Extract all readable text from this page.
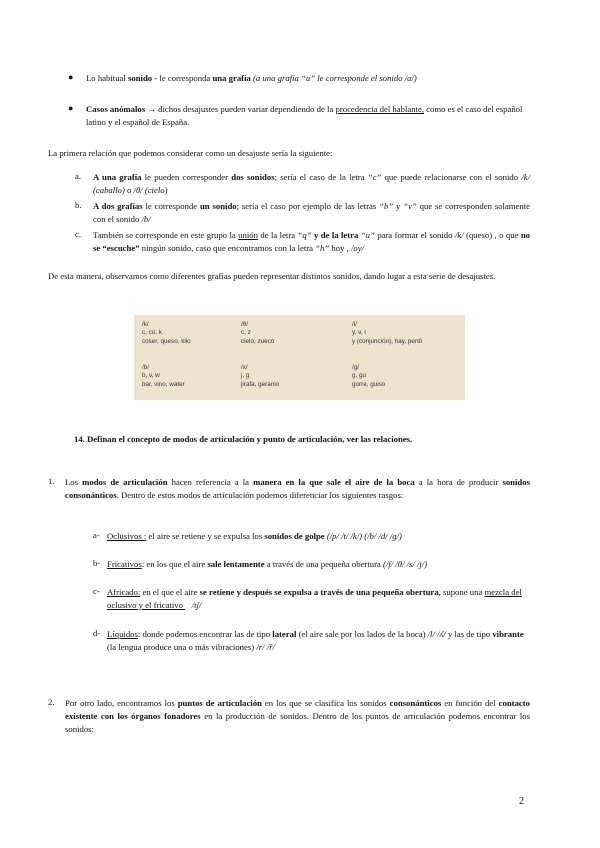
● Lo habitual sonido - le corresponda una grafía (a una grafía “a” le corresponde el sonido /a/)
● Casos anómalos → dichos desajustes pueden variar dependiendo de la procedencia del hablante, como es el caso del español latino y el español de España.
La primera relación que podemos considerar como un desajuste sería la siguiente:
a. A una grafía le pueden corresponder dos sonidos; sería el caso de la letra “c” que puede relacionarse con el sonido /k/ (caballo) o /θ/ (cielo)
b. A dos grafías le corresponde un sonido; sería el caso por ejemplo de las letras “b” y “v” que se corresponden solamente con el sonido /b/
c. También se corresponde en este grupo la unión de la letra “q” y de la letra “u” para formar el sonido /k/ (queso) , o que no se “escuche” ningún sonido, caso que encontramos con la letra “h” hoy , /oy/
De esta manera, observamos como diferentes grafías pueden representar distintos sonidos, dando lugar a esta serie de desajustes.
/k/
c, cu, k
coser, queso, kilo
/θ/
c, z
cielo, zueco
/i/
y, v, i
y (conjunción), hay, perdí
/b/
b, v, w
bar, vino, water
/x/
j, g
jirafa, geranio
/g/
g, gu
gorre, guiso
14. Definan el concepto de modos de articulación y punto de articulación, ver las relaciones.
1. Los modos de articulación hacen referencia a la manera en la que sale el aire de la boca a la hora de producir sonidos consonánticos. Dentro de estos modos de articulación podemos diferenciar los siguientes rasgos:
a- Oclusivos : el aire se retiene y se expulsa los sonidos de golpe (/p/ /t/ /k/) (/b/ /d/ /g/)
b- Fricativos: en los que el aire sale lentamente a través de una pequeña obertura (/f/ /θ/ /s/ /j/)
c- Africado: en el que el aire se retiene y después se expulsa a través de una pequeña obertura, supone una mezcla del oclusivo y el fricativo    /tʃ/
d- Líquidos: donde podemos encontrar las de tipo lateral (el aire sale por los lados de la boca) /l/ /ʎ/ y las de tipo vibrante (la lengua produce una o más vibraciones) /r/ /ř/
2. Por otro lado, encontramos los puntos de articulación en los que se clasifica los sonidos consonánticos en función del contacto existente con los órganos fonadores en la producción de sonidos. Dentro de los puntos de articulación podemos encontrar los sonidos:
2
